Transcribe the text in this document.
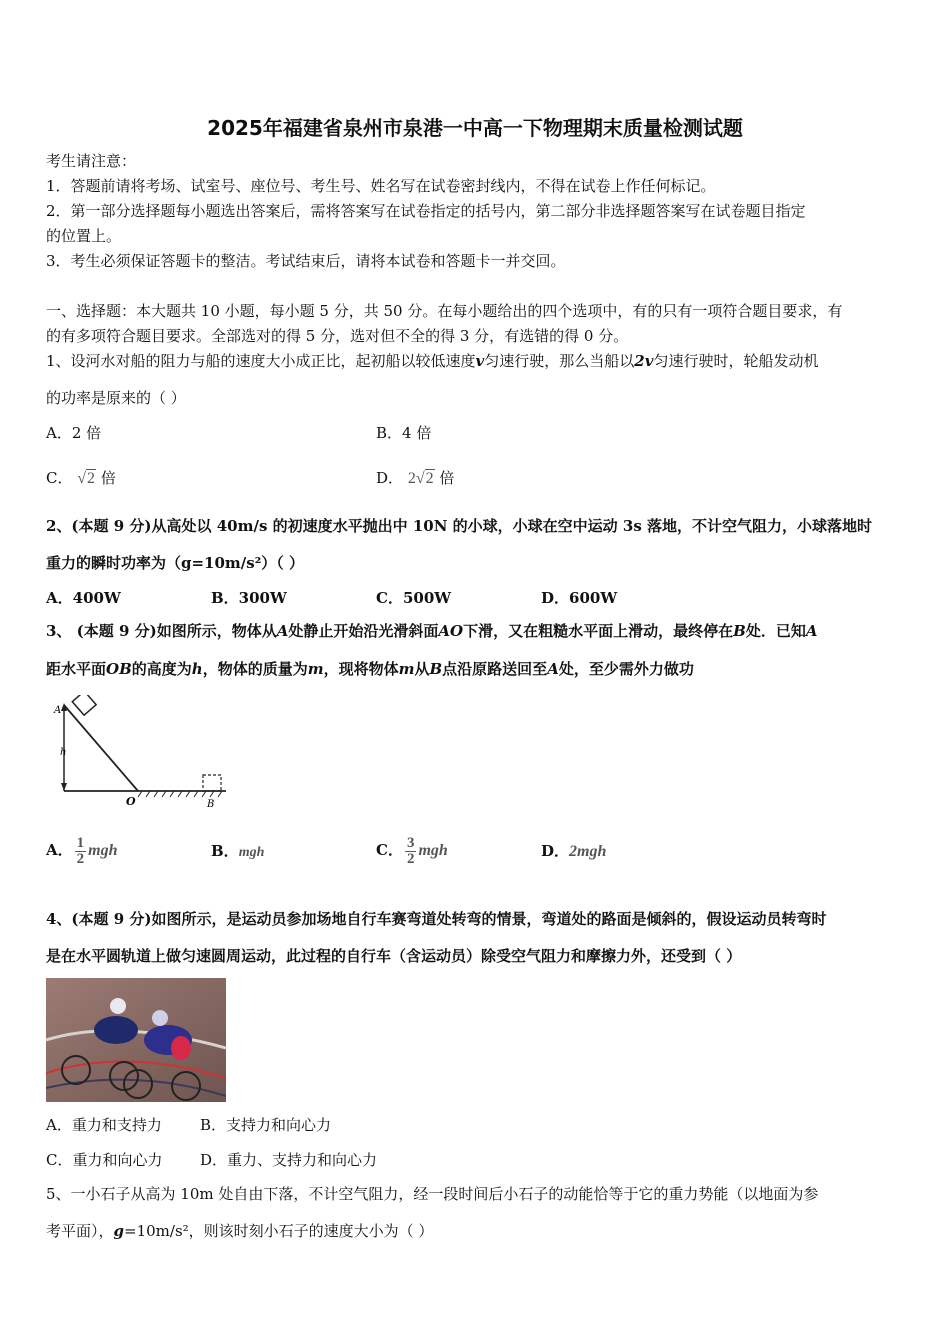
2025年福建省泉州市泉港一中高一下物理期末质量检测试题
考生请注意：
1．答题前请将考场、试室号、座位号、考生号、姓名写在试卷密封线内，不得在试卷上作任何标记。
2．第一部分选择题每小题选出答案后，需将答案写在试卷指定的括号内，第二部分非选择题答案写在试卷题目指定
的位置上。
3．考生必须保证答题卡的整洁。考试结束后，请将本试卷和答题卡一并交回。
一、选择题：本大题共 10 小题，每小题 5 分，共 50 分。在每小题给出的四个选项中，有的只有一项符合题目要求，有
的有多项符合题目要求。全部选对的得 5 分，选对但不全的得 3 分，有选错的得 0 分。
1、设河水对船的阻力与船的速度大小成正比，起初船以较低速度v匀速行驶，那么当船以2v匀速行驶时，轮船发动机
的功率是原来的（ ）
A．2 倍	B．4 倍
C． √2 倍	D． 2√2 倍
2、(本题 9 分)从高处以 40m/s 的初速度水平抛出中 10N 的小球，小球在空中运动 3s 落地，不计空气阻力，小球落地时
重力的瞬时功率为（g=10m/s²）（ ）
A．400W	B．300W	C．500W	D．600W
3、 (本题 9 分)如图所示，物体从A处静止开始沿光滑斜面AO下滑，又在粗糙水平面上滑动，最终停在B处．已知A
距水平面OB的高度为h，物体的质量为m，现将物体m从B点沿原路送回至A处，至少需外力做功
A
h
O	B
A． $\frac{1}{2}$ mgh	B．mgh	C． $\frac{3}{2}$ mgh	D．2mgh
4、(本题 9 分)如图所示，是运动员参加场地自行车赛弯道处转弯的情景，弯道处的路面是倾斜的，假设运动员转弯时
是在水平圆轨道上做匀速圆周运动，此过程的自行车（含运动员）除受空气阻力和摩擦力外，还受到（ ）
A．重力和支持力	B．支持力和向心力
C．重力和向心力	D．重力、支持力和向心力
5、一小石子从高为 10m 处自由下落，不计空气阻力，经一段时间后小石子的动能恰等于它的重力势能（以地面为参
考平面），g=10m/s²，则该时刻小石子的速度大小为（ ）
